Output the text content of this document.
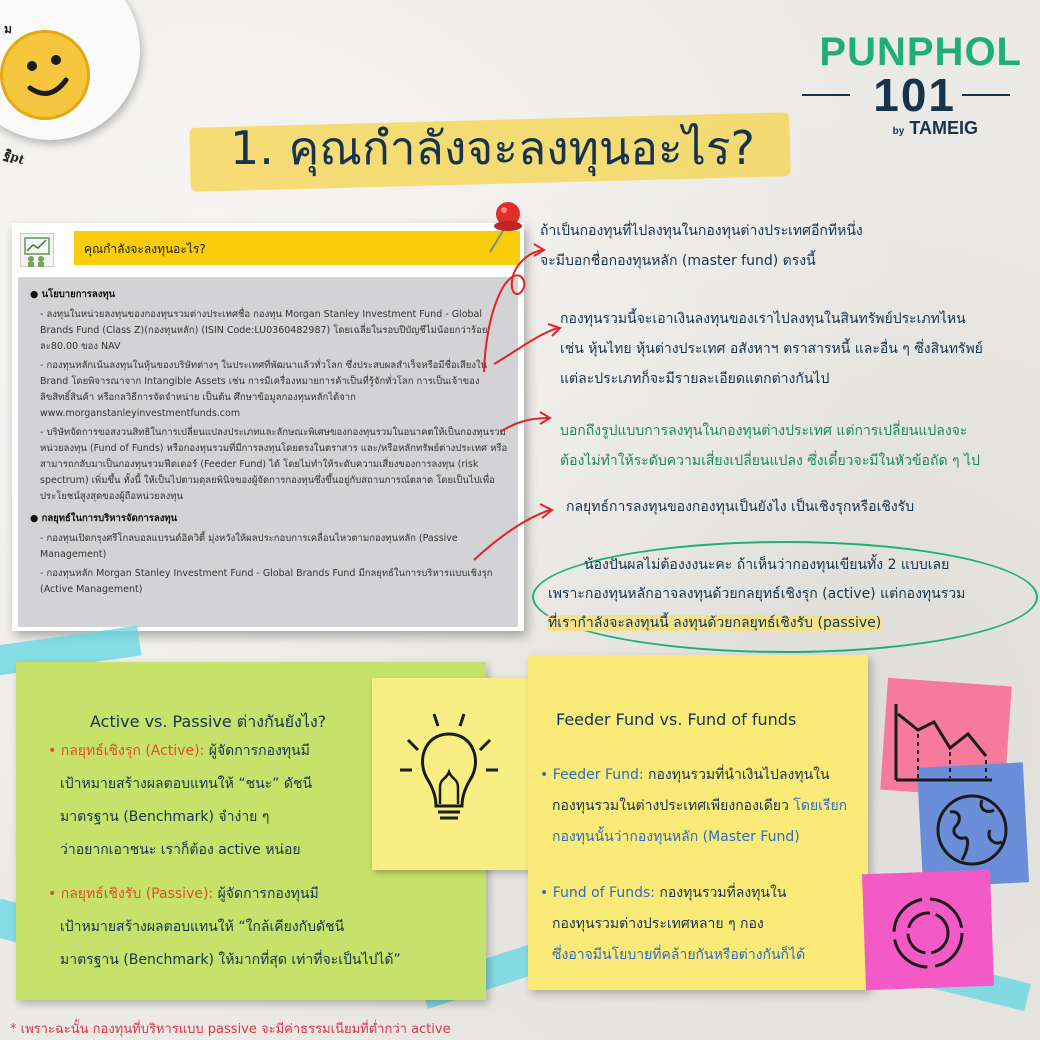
ม
ฐิpt
PUNPHOL
101
by TAMEIG
1. คุณกำลังจะลงทุนอะไร?
คุณกำลังจะลงทุนอะไร?
● นโยบายการลงทุน
- ลงทุนในหน่วยลงทุนของกองทุนรวมต่างประเทศชื่อ กองทุน Morgan Stanley Investment Fund - Global Brands Fund (Class Z)(กองทุนหลัก) (ISIN Code:LU0360482987) โดยเฉลี่ยในรอบปีบัญชีไม่น้อยกว่าร้อยละ80.00 ของ NAV
- กองทุนหลักเน้นลงทุนในหุ้นของบริษัทต่างๆ ในประเทศที่พัฒนาแล้วทั่วโลก ซึ่งประสบผลสำเร็จหรือมีชื่อเสียงใน Brand โดยพิจารณาจาก Intangible Assets เช่น การมีเครื่องหมายการค้าเป็นที่รู้จักทั่วโลก การเป็นเจ้าของลิขสิทธิ์สินค้า หรือกลวิธีการจัดจำหน่าย เป็นต้น ศึกษาข้อมูลกองทุนหลักได้จาก www.morganstanleyinvestmentfunds.com
- บริษัทจัดการขอสงวนสิทธิในการเปลี่ยนแปลงประเภทและลักษณะพิเศษของกองทุนรวมในอนาคตให้เป็นกองทุนรวมหน่วยลงทุน (Fund of Funds) หรือกองทุนรวมที่มีการลงทุนโดยตรงในตราสาร และ/หรือหลักทรัพย์ต่างประเทศ หรือสามารถกลับมาเป็นกองทุนรวมฟีดเดอร์ (Feeder Fund) ได้ โดยไม่ทำให้ระดับความเสี่ยงของการลงทุน (risk spectrum) เพิ่มขึ้น ทั้งนี้ ให้เป็นไปตามดุลยพินิจของผู้จัดการกองทุนซึ่งขึ้นอยู่กับสถานการณ์ตลาด โดยเป็นไปเพื่อประโยชน์สูงสุดของผู้ถือหน่วยลงทุน
● กลยุทธ์ในการบริหารจัดการลงทุน
- กองทุนเปิดกรุงศรีโกลบอลแบรนด์อิควิตี้ มุ่งหวังให้ผลประกอบการเคลื่อนไหวตามกองทุนหลัก (Passive Management)
- กองทุนหลัก Morgan Stanley Investment Fund - Global Brands Fund มีกลยุทธ์ในการบริหารแบบเชิงรุก (Active Management)
ถ้าเป็นกองทุนที่ไปลงทุนในกองทุนต่างประเทศอีกทีหนึ่ง
จะมีบอกชื่อกองทุนหลัก (master fund) ตรงนี้
กองทุนรวมนี้จะเอาเงินลงทุนของเราไปลงทุนในสินทรัพย์ประเภทไหน
เช่น หุ้นไทย หุ้นต่างประเทศ อสังหาฯ ตราสารหนี้ และอื่น ๆ ซึ่งสินทรัพย์
แต่ละประเภทก็จะมีรายละเอียดแตกต่างกันไป
บอกถึงรูปแบบการลงทุนในกองทุนต่างประเทศ แต่การเปลี่ยนแปลงจะ
ต้องไม่ทำให้ระดับความเสี่ยงเปลี่ยนแปลง ซึ่งเดี๋ยวจะมีในหัวข้อถัด ๆ ไป
กลยุทธ์การลงทุนของกองทุนเป็นยังไง เป็นเชิงรุกหรือเชิงรับ
น้องปันผลไม่ต้องงงนะคะ ถ้าเห็นว่ากองทุนเขียนทั้ง 2 แบบเลย
เพราะกองทุนหลักอาจลงทุนด้วยกลยุทธ์เชิงรุก (active) แต่กองทุนรวม
ที่เรากำลังจะลงทุนนี้ ลงทุนด้วยกลยุทธ์เชิงรับ (passive)
Active vs. Passive ต่างกันยังไง?
• กลยุทธ์เชิงรุก (Active): ผู้จัดการกองทุนมี
เป้าหมายสร้างผลตอบแทนให้ “ชนะ” ดัชนี
มาตรฐาน (Benchmark) จำง่าย ๆ
ว่าอยากเอาชนะ เราก็ต้อง active หน่อย
• กลยุทธ์เชิงรับ (Passive): ผู้จัดการกองทุนมี
เป้าหมายสร้างผลตอบแทนให้ “ใกล้เคียงกับดัชนี
มาตรฐาน (Benchmark) ให้มากที่สุด เท่าที่จะเป็นไปได้”
Feeder Fund vs. Fund of funds
• Feeder Fund: กองทุนรวมที่นำเงินไปลงทุนใน
กองทุนรวมในต่างประเทศเพียงกองเดียว โดยเรียก
กองทุนนั้นว่ากองทุนหลัก (Master Fund)
• Fund of Funds: กองทุนรวมที่ลงทุนใน
กองทุนรวมต่างประเทศหลาย ๆ กอง
ซึ่งอาจมีนโยบายที่คล้ายกันหรือต่างกันก็ได้
* เพราะฉะนั้น กองทุนที่บริหารแบบ passive จะมีค่าธรรมเนียมที่ต่ำกว่า active
